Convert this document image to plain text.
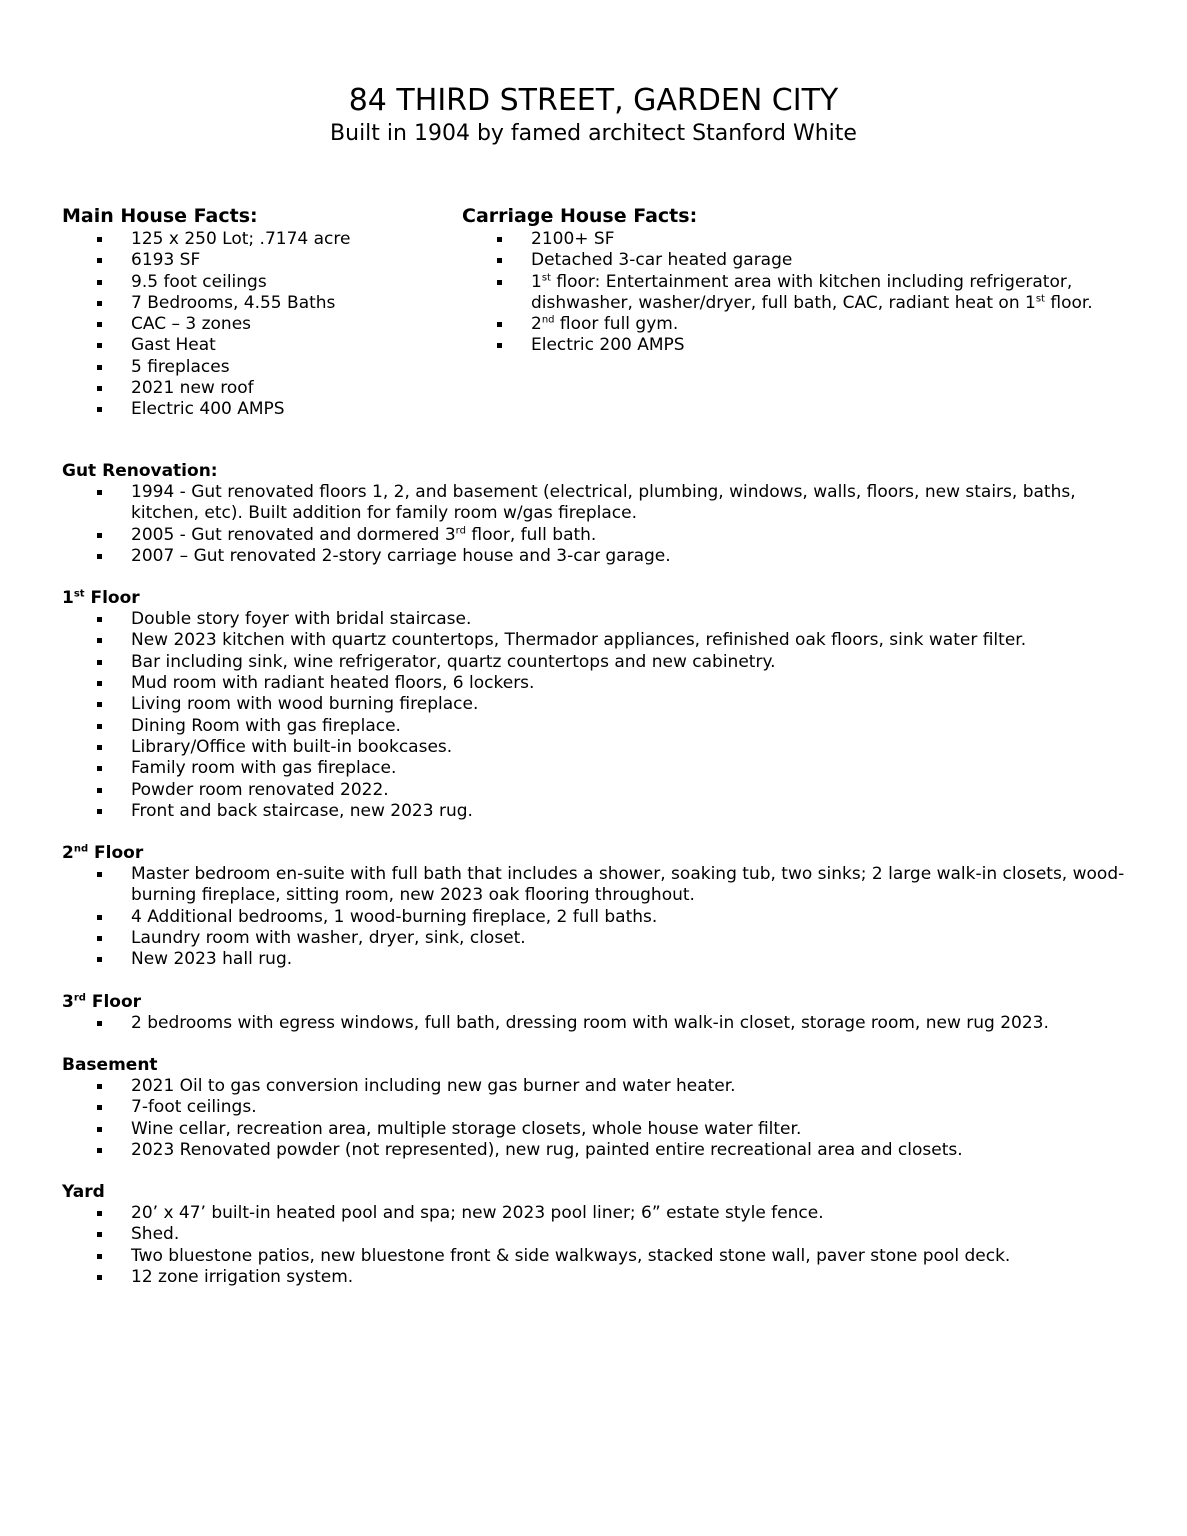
84 THIRD STREET, GARDEN CITY
Built in 1904 by famed architect Stanford White
Main House Facts:
125 x 250 Lot; .7174 acre
6193 SF
9.5 foot ceilings
7 Bedrooms, 4.55 Baths
CAC – 3 zones
Gast Heat
5 fireplaces
2021 new roof
Electric 400 AMPS
Carriage House Facts:
2100+ SF
Detached 3-car heated garage
1st floor: Entertainment area with kitchen including refrigerator, dishwasher, washer/dryer, full bath, CAC, radiant heat on 1st floor.
2nd floor full gym.
Electric 200 AMPS
Gut Renovation:
1994 - Gut renovated floors 1, 2, and basement (electrical, plumbing, windows, walls, floors, new stairs, baths, kitchen, etc). Built addition for family room w/gas fireplace.
2005 - Gut renovated and dormered 3rd floor, full bath.
2007 – Gut renovated 2-story carriage house and 3-car garage.
1st Floor
Double story foyer with bridal staircase.
New 2023 kitchen with quartz countertops, Thermador appliances, refinished oak floors, sink water filter.
Bar including sink, wine refrigerator, quartz countertops and new cabinetry.
Mud room with radiant heated floors, 6 lockers.
Living room with wood burning fireplace.
Dining Room with gas fireplace.
Library/Office with built-in bookcases.
Family room with gas fireplace.
Powder room renovated 2022.
Front and back staircase, new 2023 rug.
2nd Floor
Master bedroom en-suite with full bath that includes a shower, soaking tub, two sinks; 2 large walk-in closets, wood-burning fireplace, sitting room, new 2023 oak flooring throughout.
4 Additional bedrooms, 1 wood-burning fireplace, 2 full baths.
Laundry room with washer, dryer, sink, closet.
New 2023 hall rug.
3rd Floor
2 bedrooms with egress windows, full bath, dressing room with walk-in closet, storage room, new rug 2023.
Basement
2021 Oil to gas conversion including new gas burner and water heater.
7-foot ceilings.
Wine cellar, recreation area, multiple storage closets, whole house water filter.
2023 Renovated powder (not represented), new rug, painted entire recreational area and closets.
Yard
20’ x 47’ built-in heated pool and spa; new 2023 pool liner; 6” estate style fence.
Shed.
Two bluestone patios, new bluestone front & side walkways, stacked stone wall, paver stone pool deck.
12 zone irrigation system.
